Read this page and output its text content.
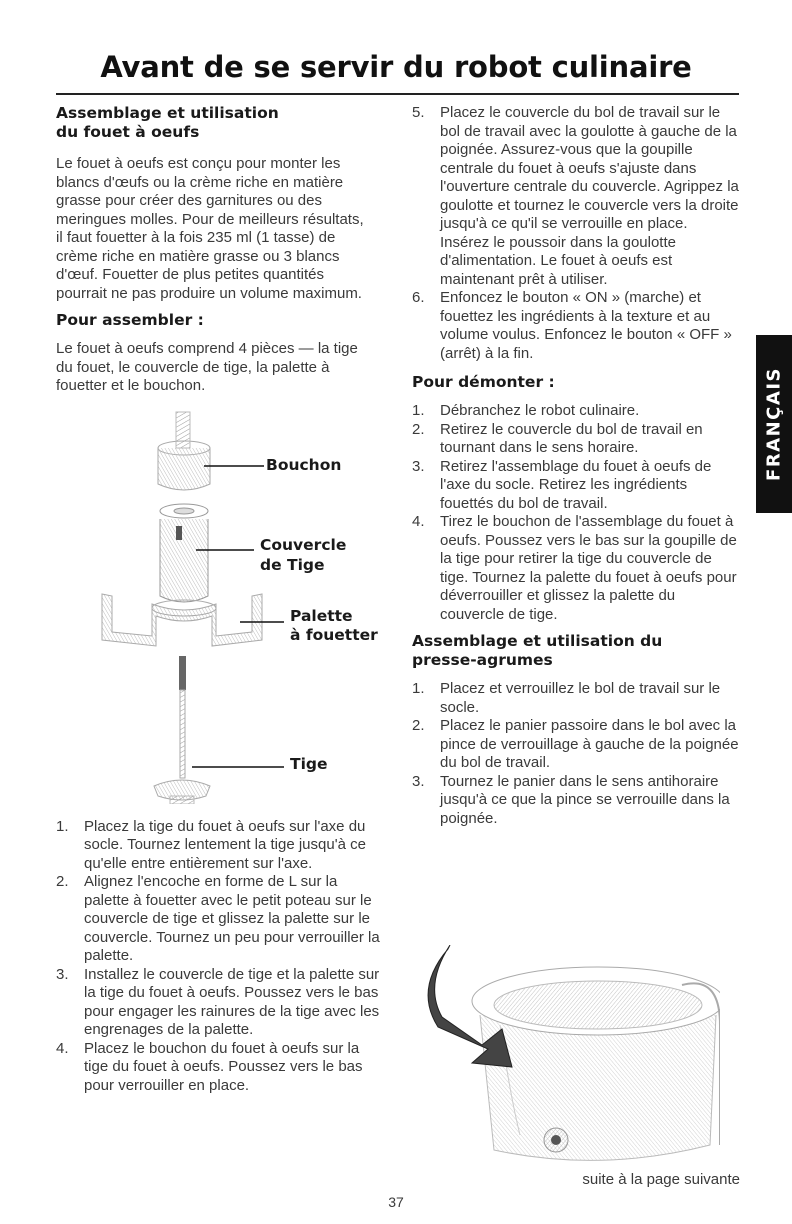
Avant de se servir du robot culinaire
Assemblage et utilisation du fouet à oeufs

Le fouet à oeufs est conçu pour monter les blancs d'œufs ou la crème riche en matière grasse pour créer des garnitures ou des meringues molles. Pour de meilleurs résultats, il faut fouetter à la fois 235 ml (1 tasse) de crème riche en matière grasse ou 3 blancs d'œuf. Fouetter de plus petites quantités pourrait ne pas produire un volume maximum.

Pour assembler :

Le fouet à oeufs comprend 4 pièces — la tige du fouet, le couvercle de tige, la palette à fouetter et le bouchon.

Bouchon
Couvercle
de Tige
Palette
à fouetter
Tige
1.	Placez la tige du fouet à oeufs sur l'axe du socle. Tournez lentement la tige jusqu'à ce qu'elle entre entièrement sur l'axe.
2.	Alignez l'encoche en forme de L sur la palette à fouetter avec le petit poteau sur le couvercle de tige et glissez la palette sur le couvercle. Tournez un peu pour verrouiller la palette.
3.	Installez le couvercle de tige et la palette sur la tige du fouet à oeufs. Poussez vers le bas pour engager les rainures de la tige avec les engrenages de la palette.
4.	Placez le bouchon du fouet à oeufs sur la tige du fouet à oeufs. Poussez vers le bas pour verrouiller en place.
5.	Placez le couvercle du bol de travail sur le bol de travail avec la goulotte à gauche de la poignée. Assurez-vous que la goupille centrale du fouet à oeufs s'ajuste dans l'ouverture centrale du couvercle. Agrippez la goulotte et tournez le couvercle vers la droite jusqu'à ce qu'il se verrouille en place. Insérez le poussoir dans la goulotte d'alimentation. Le fouet à oeufs est maintenant prêt à utiliser.
6.	Enfoncez le bouton « ON » (marche) et fouettez les ingrédients à la texture et au volume voulus. Enfoncez le bouton « OFF » (arrêt) à la fin.
Pour démonter :
1.	Débranchez le robot culinaire.
2.	Retirez le couvercle du bol de travail en tournant dans le sens horaire.
3.	Retirez l'assemblage du fouet à oeufs de l'axe du socle. Retirez les ingrédients fouettés du bol de travail.
4.	Tirez le bouchon de l'assemblage du fouet à oeufs. Poussez vers le bas sur la goupille de la tige pour retirer la tige du couvercle de tige. Tournez la palette du fouet à oeufs pour déverrouiller et glissez la palette du couvercle de tige.
Assemblage et utilisation du presse-agrumes
1.	Placez et verrouillez le bol de travail sur le socle.
2.	Placez le panier passoire dans le bol avec la pince de verrouillage à gauche de la poignée du bol de travail.
3.	Tournez le panier dans le sens antihoraire jusqu'à ce que la pince se verrouille dans la poignée.
FRANÇAIS
suite à la page suivante
37
